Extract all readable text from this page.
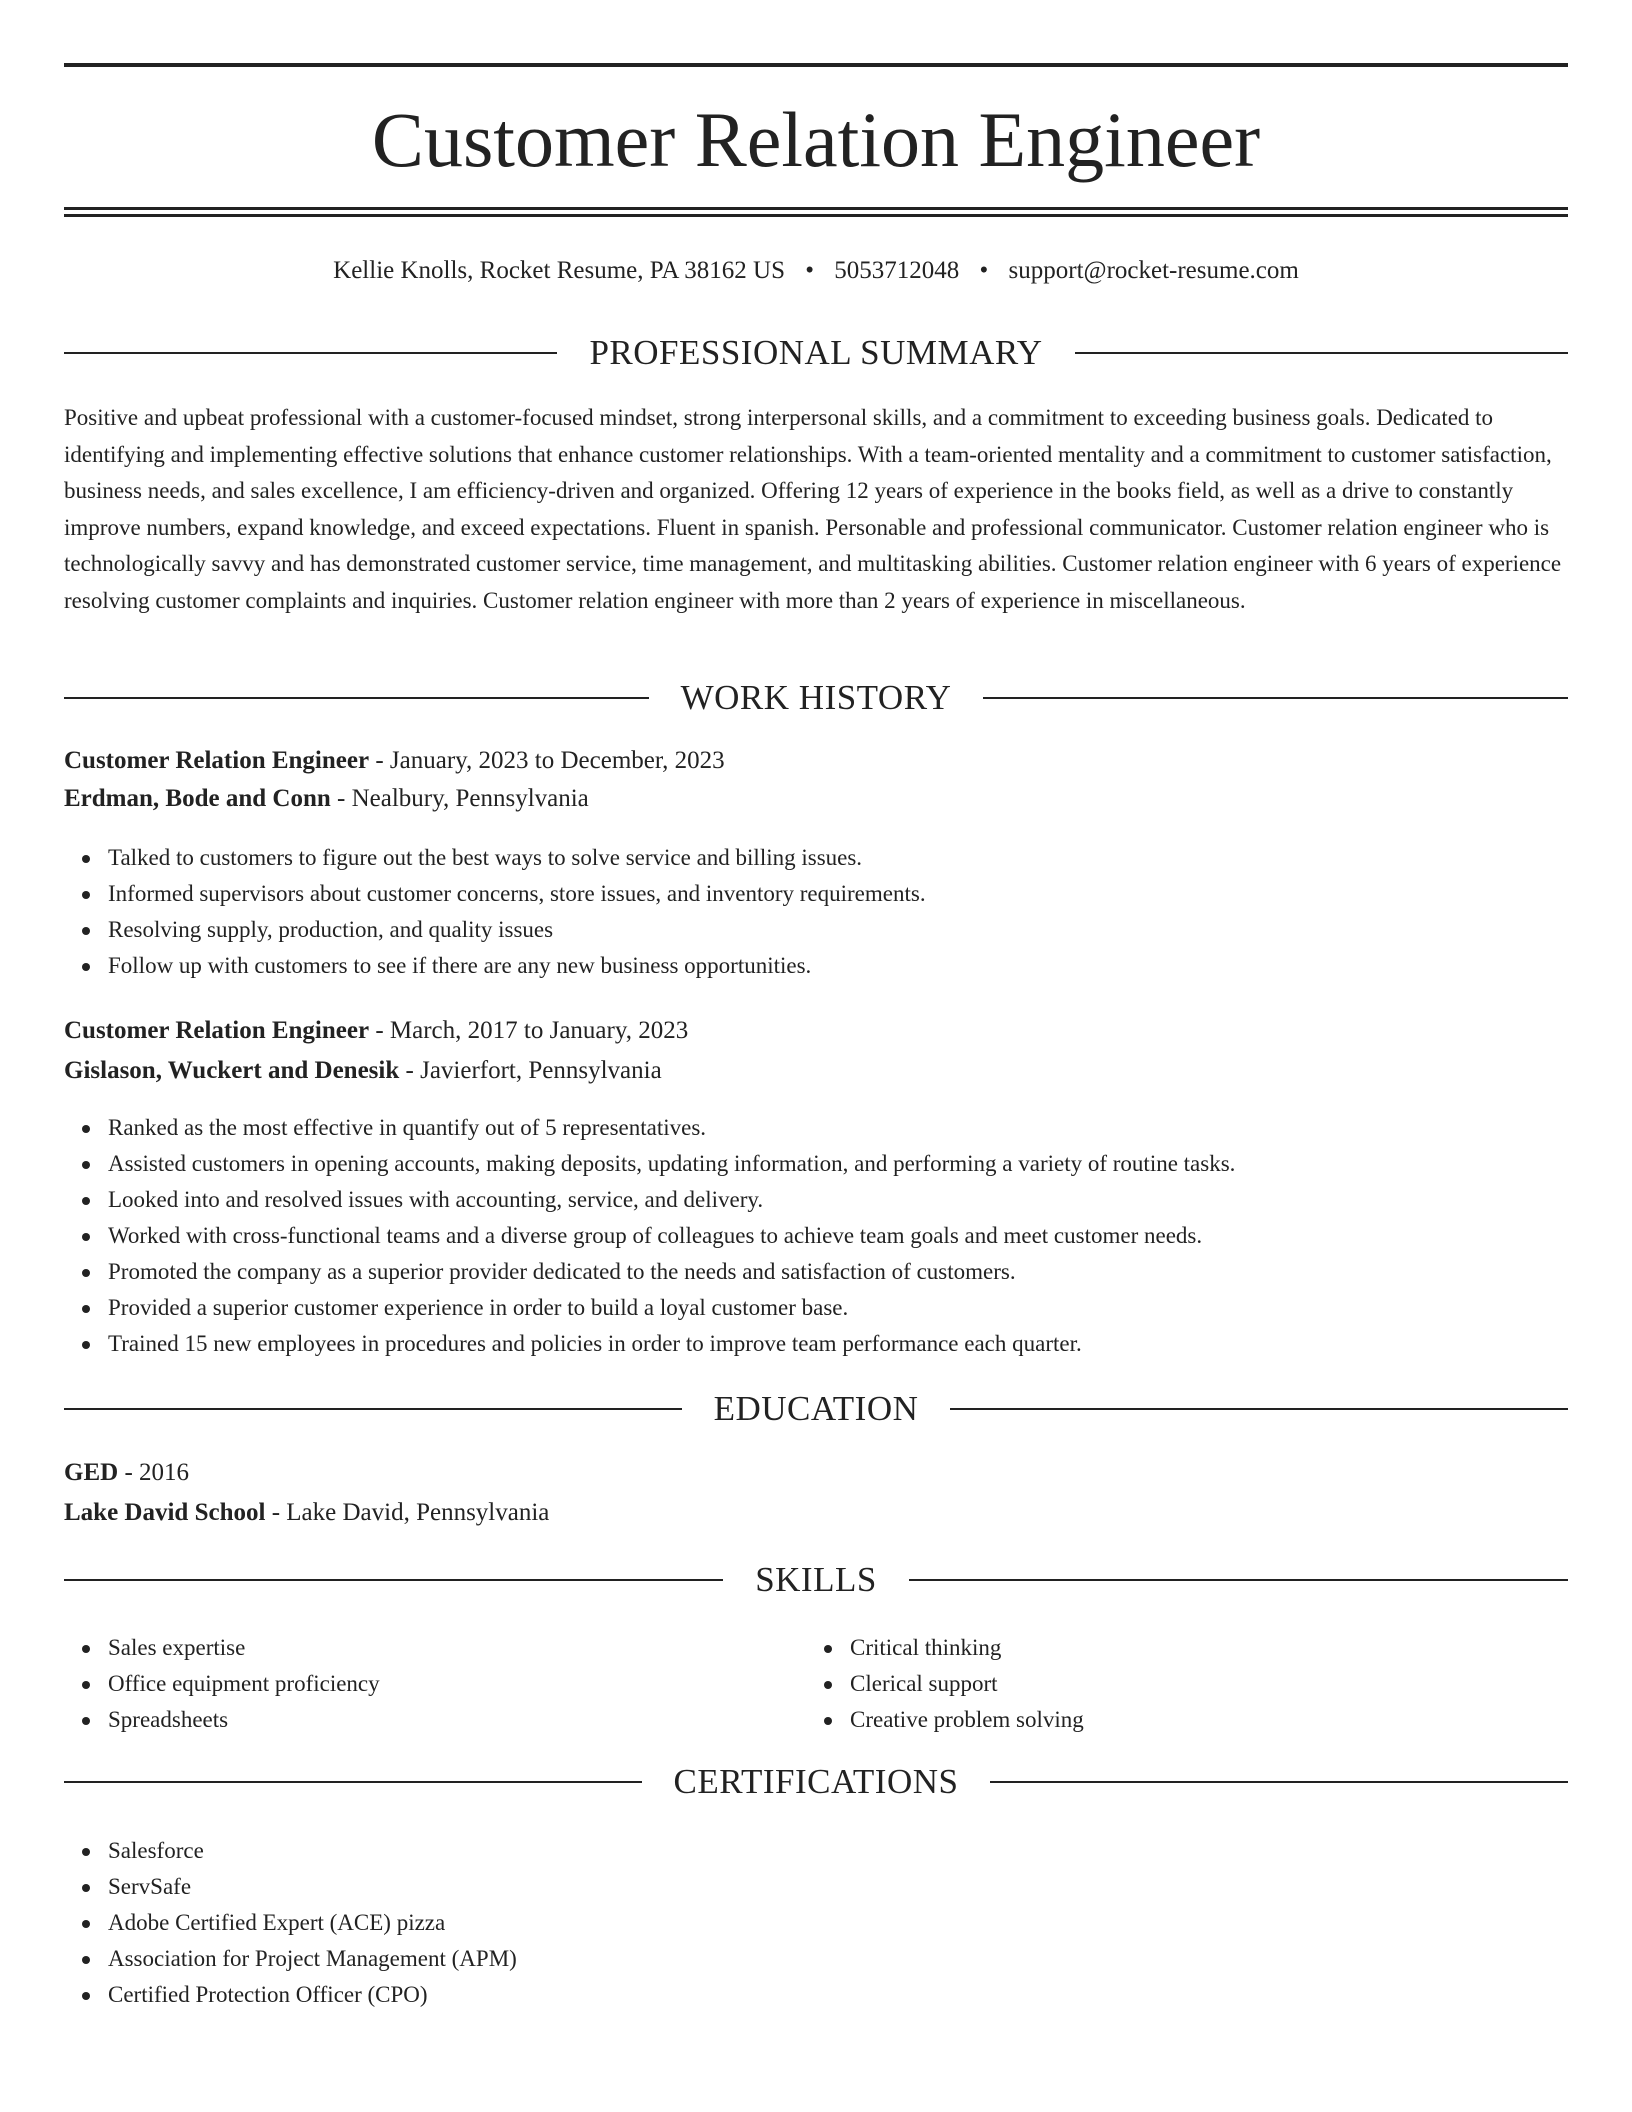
Customer Relation Engineer
Kellie Knolls, Rocket Resume, PA 38162 US • 5053712048 • support@rocket-resume.com
PROFESSIONAL SUMMARY

Positive and upbeat professional with a customer-focused mindset, strong interpersonal skills, and a commitment to exceeding business goals. Dedicated to identifying and implementing effective solutions that enhance customer relationships. With a team-oriented mentality and a commitment to customer satisfaction, business needs, and sales excellence, I am efficiency-driven and organized. Offering 12 years of experience in the books field, as well as a drive to constantly improve numbers, expand knowledge, and exceed expectations. Fluent in spanish. Personable and professional communicator. Customer relation engineer who is technologically savvy and has demonstrated customer service, time management, and multitasking abilities. Customer relation engineer with 6 years of experience resolving customer complaints and inquiries. Customer relation engineer with more than 2 years of experience in miscellaneous.

WORK HISTORY
Customer Relation Engineer - January, 2023 to December, 2023
Erdman, Bode and Conn - Nealbury, Pennsylvania
Talked to customers to figure out the best ways to solve service and billing issues.
Informed supervisors about customer concerns, store issues, and inventory requirements.
Resolving supply, production, and quality issues
Follow up with customers to see if there are any new business opportunities.
Customer Relation Engineer - March, 2017 to January, 2023
Gislason, Wuckert and Denesik - Javierfort, Pennsylvania
Ranked as the most effective in quantify out of 5 representatives.
Assisted customers in opening accounts, making deposits, updating information, and performing a variety of routine tasks.
Looked into and resolved issues with accounting, service, and delivery.
Worked with cross-functional teams and a diverse group of colleagues to achieve team goals and meet customer needs.
Promoted the company as a superior provider dedicated to the needs and satisfaction of customers.
Provided a superior customer experience in order to build a loyal customer base.
Trained 15 new employees in procedures and policies in order to improve team performance each quarter.
EDUCATION
GED - 2016
Lake David School - Lake David, Pennsylvania
SKILLS
Sales expertise
Office equipment proficiency
Spreadsheets
Critical thinking
Clerical support
Creative problem solving
CERTIFICATIONS
Salesforce
ServSafe
Adobe Certified Expert (ACE) pizza
Association for Project Management (APM)
Certified Protection Officer (CPO)
